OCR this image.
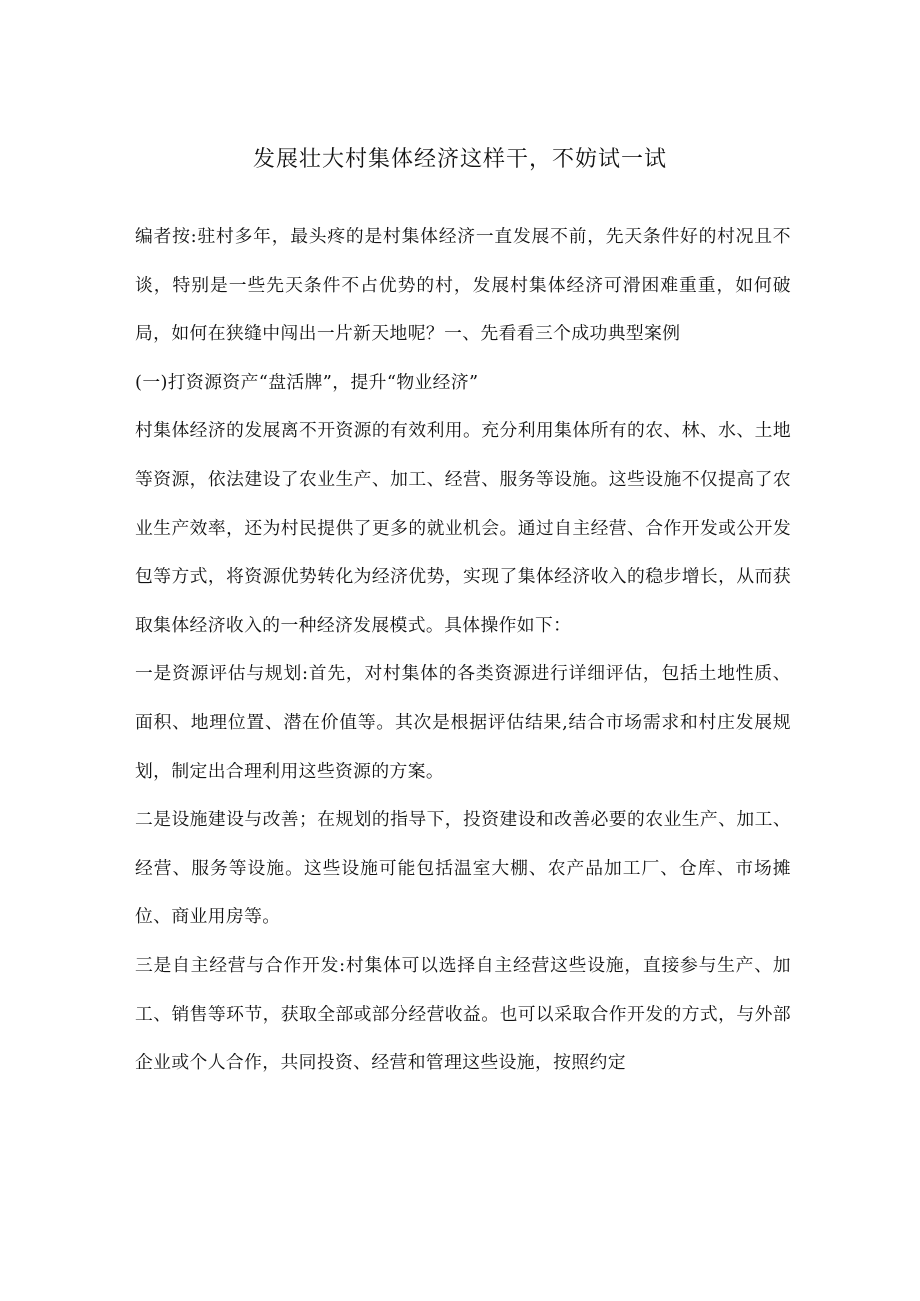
发展壮大村集体经济这样干，不妨试一试

编者按:驻村多年，最头疼的是村集体经济一直发展不前，先天条件好的村况且不谈，特别是一些先天条件不占优势的村，发展村集体经济可滑困难重重，如何破局，如何在狭缝中闯出一片新天地呢？一、先看看三个成功典型案例

(一)打资源资产“盘活牌”，提升“物业经济”

村集体经济的发展离不开资源的有效利用。充分利用集体所有的农、林、水、土地等资源，依法建设了农业生产、加工、经营、服务等设施。这些设施不仅提高了农业生产效率，还为村民提供了更多的就业机会。通过自主经营、合作开发或公开发包等方式，将资源优势转化为经济优势，实现了集体经济收入的稳步增长，从而获取集体经济收入的一种经济发展模式。具体操作如下：

一是资源评估与规划:首先，对村集体的各类资源进行详细评估，包括土地性质、面积、地理位置、潜在价值等。其次是根据评估结果,结合市场需求和村庄发展规划，制定出合理利用这些资源的方案。

二是设施建设与改善；在规划的指导下，投资建设和改善必要的农业生产、加工、经营、服务等设施。这些设施可能包括温室大棚、农产品加工厂、仓库、市场摊位、商业用房等。

三是自主经营与合作开发:村集体可以选择自主经营这些设施，直接参与生产、加工、销售等环节，获取全部或部分经营收益。也可以采取合作开发的方式，与外部企业或个人合作，共同投资、经营和管理这些设施，按照约定
